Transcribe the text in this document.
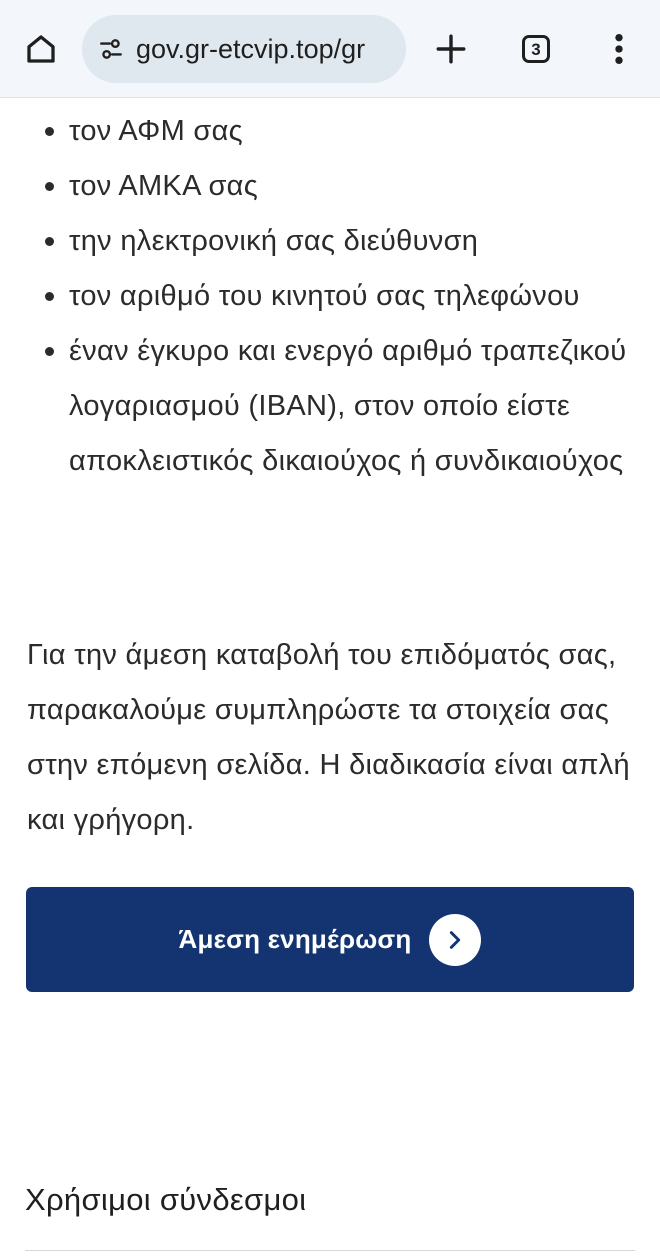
gov.gr-etcvip.top/gr	3
τον ΑΦΜ σας
τον ΑΜΚΑ σας
την ηλεκτρονική σας διεύθυνση
τον αριθμό του κινητού σας τηλεφώνου
έναν έγκυρο και ενεργό αριθμό τραπεζικού λογαριασμού (IBAN), στον οποίο είστε αποκλειστικός δικαιούχος ή συνδικαιούχος

Για την άμεση καταβολή του επιδόματός σας, παρακαλούμε συμπληρώστε τα στοιχεία σας στην επόμενη σελίδα. Η διαδικασία είναι απλή και γρήγορη.

Άμεση ενημέρωση
Χρήσιμοι σύνδεσμοι
